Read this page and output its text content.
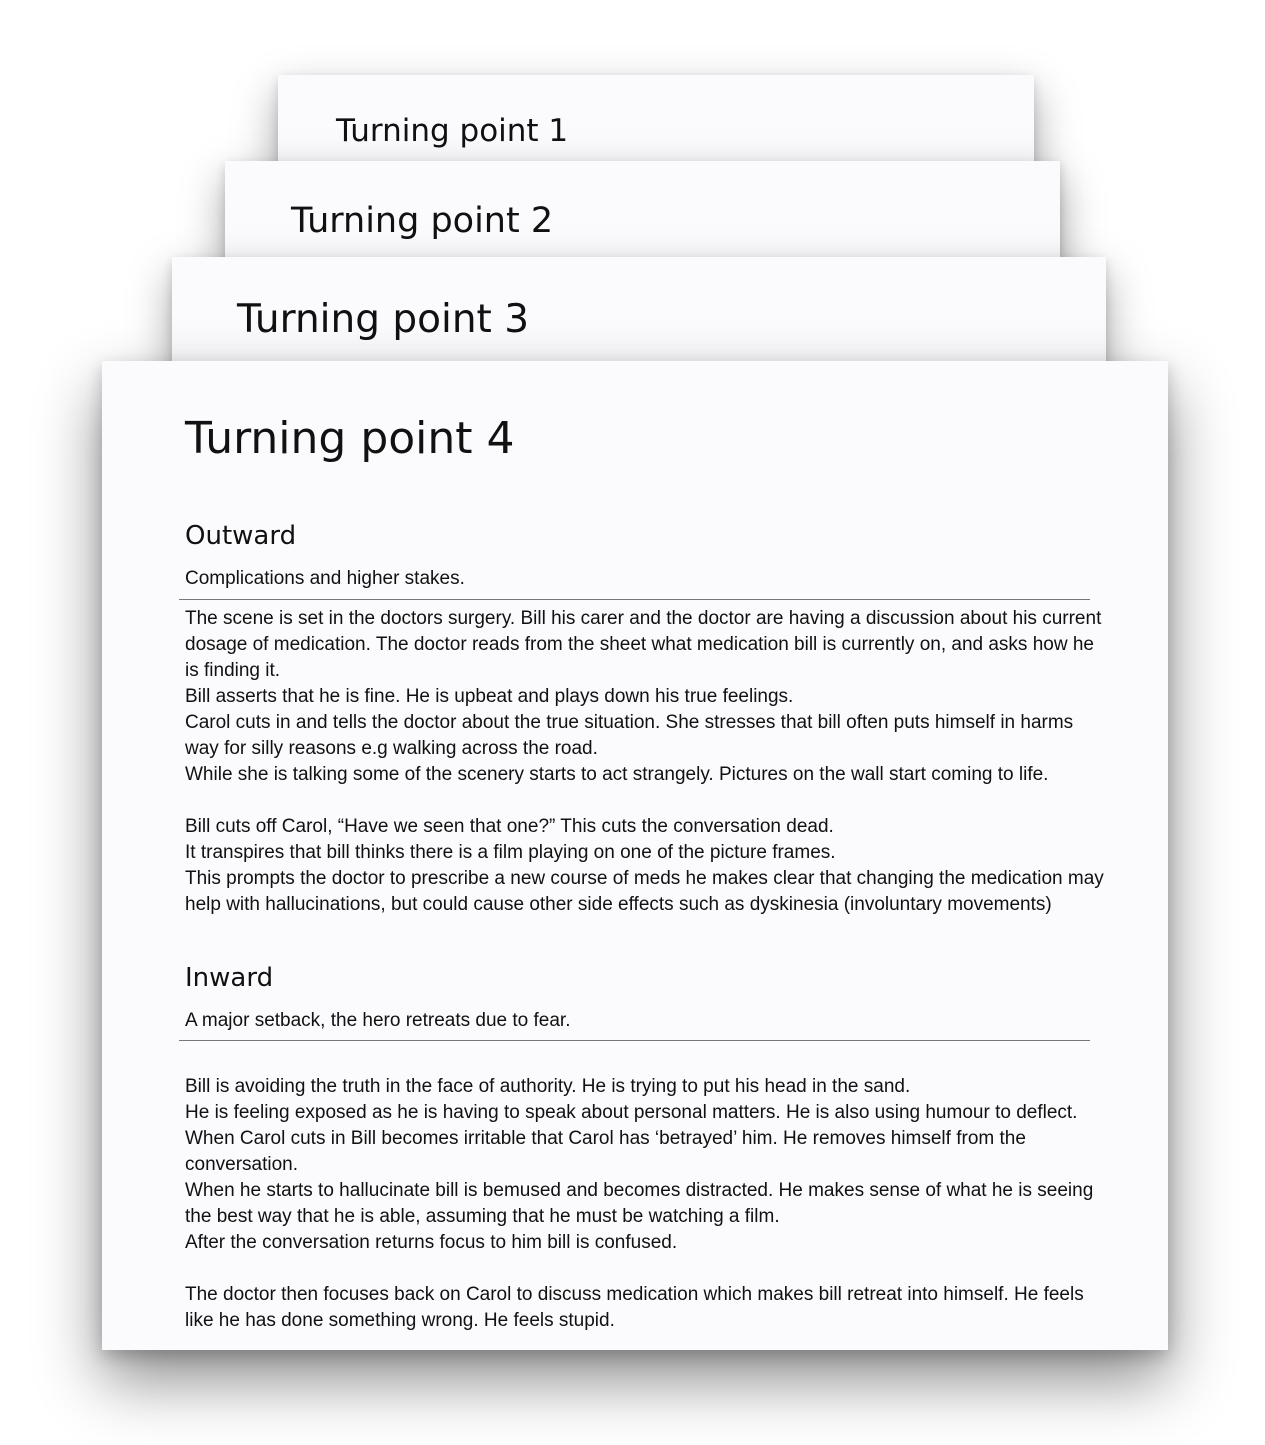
Turning point 1
Turning point 2
Turning point 3
Turning point 4
Outward

Complications and higher stakes.

The scene is set in the doctors surgery. Bill his carer and the doctor are having a discussion about his current dosage of medication. The doctor reads from the sheet what medication bill is currently on, and asks how he is finding it.

Bill asserts that he is fine. He is upbeat and plays down his true feelings.

Carol cuts in and tells the doctor about the true situation. She stresses that bill often puts himself in harms way for silly reasons e.g walking across the road.

While she is talking some of the scenery starts to act strangely. Pictures on the wall start coming to life.

Bill cuts off Carol, “Have we seen that one?” This cuts the conversation dead.

It transpires that bill thinks there is a film playing on one of the picture frames.

This prompts the doctor to prescribe a new course of meds he makes clear that changing the medication may help with hallucinations, but could cause other side effects such as dyskinesia (involuntary movements)

Inward

A major setback, the hero retreats due to fear.

Bill is avoiding the truth in the face of authority. He is trying to put his head in the sand.

He is feeling exposed as he is having to speak about personal matters. He is also using humour to deflect.

When Carol cuts in Bill becomes irritable that Carol has ‘betrayed’ him. He removes himself from the conversation.

When he starts to hallucinate bill is bemused and becomes distracted. He makes sense of what he is seeing the best way that he is able, assuming that he must be watching a film.

After the conversation returns focus to him bill is confused.

The doctor then focuses back on Carol to discuss medication which makes bill retreat into himself. He feels like he has done something wrong. He feels stupid.
